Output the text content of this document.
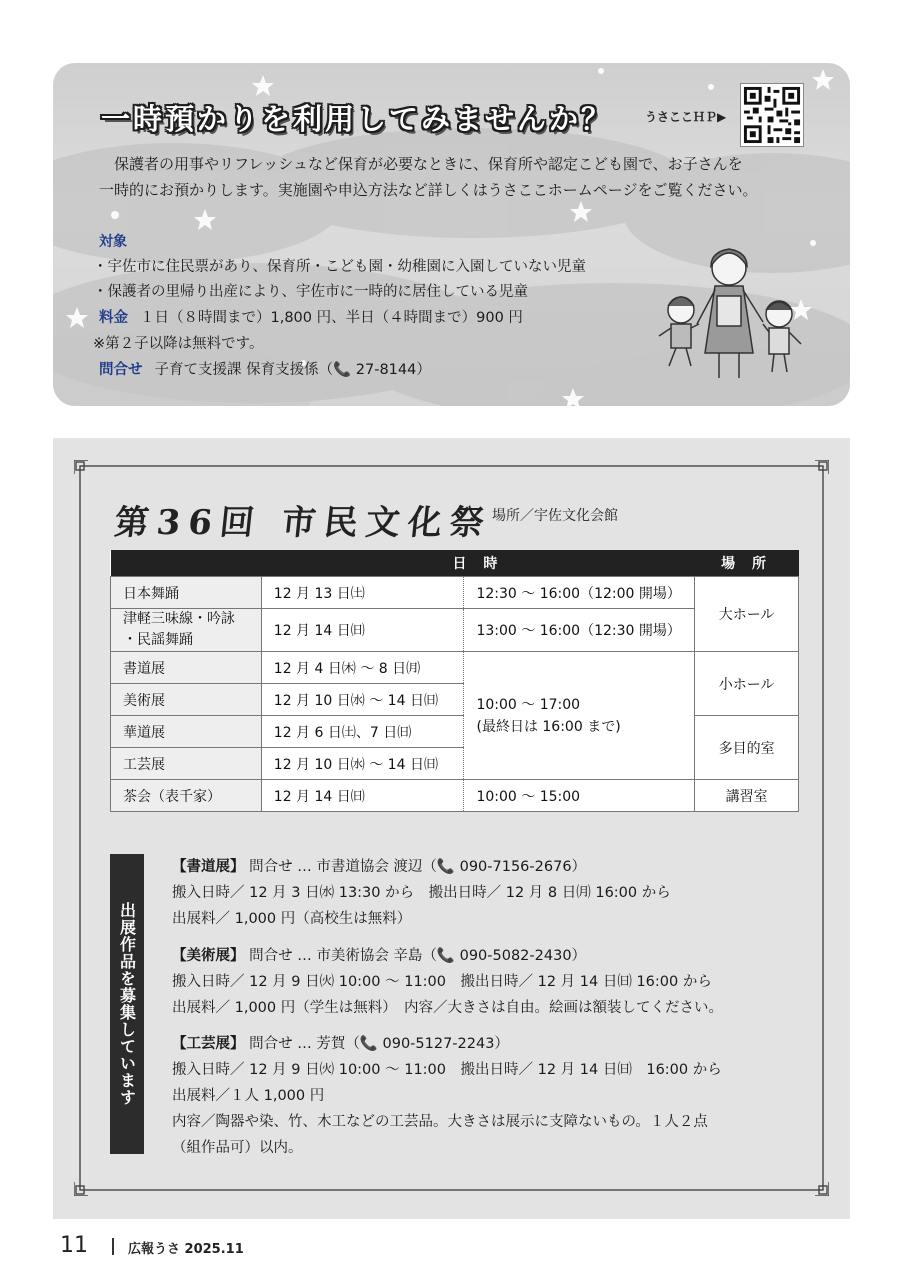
一時預かりを利用してみませんか？	うさここＨＰ▶
保護者の用事やリフレッシュなど保育が必要なときに、保育所や認定こども園で、お子さんを
一時的にお預かりします。実施園や申込方法など詳しくはうさここホームページをご覧ください。
対象
・宇佐市に住民票があり、保育所・こども園・幼稚園に入園していない児童
・保護者の里帰り出産により、宇佐市に一時的に居住している児童
料金 １日（８時間まで）1,800 円、半日（４時間まで）900 円
※第２子以降は無料です。
問合せ 子育て支援課 保育支援係（📞 27-8144）
第36回 市民文化祭
場所／宇佐文化会館
	日 時		場 所
日本舞踊	12 月 13 日㈯	12:30 〜 16:00（12:00 開場）	大ホール

津軽三味線・吟詠
・民謡舞踊	12 月 14 日㈰	13:00 〜 16:00（12:30 開場）	
書道展	12 月 4 日㈭ 〜 8 日㈪	10:00 〜 17:00
(最終日は 16:00 まで)	小ホール
美術展	12 月 10 日㈬ 〜 14 日㈰		
華道展	12 月 6 日㈯、7 日㈰		多目的室
工芸展	12 月 10 日㈬ 〜 14 日㈰		
茶会（表千家）	12 月 14 日㈰	10:00 〜 15:00	講習室
出展作品を募集しています
【書道展】 問合せ … 市書道協会 渡辺（📞 090-7156-2676）
搬入日時／ 12 月 3 日㈬ 13:30 から　搬出日時／ 12 月 8 日㈪ 16:00 から
出展料／ 1,000 円（高校生は無料）
【美術展】 問合せ … 市美術協会 辛島（📞 090-5082-2430）
搬入日時／ 12 月 9 日㈫ 10:00 〜 11:00　搬出日時／ 12 月 14 日㈰ 16:00 から
出展料／ 1,000 円（学生は無料）　内容／大きさは自由。絵画は額装してください。
【工芸展】 問合せ … 芳賀（📞 090-5127-2243）
搬入日時／ 12 月 9 日㈫ 10:00 〜 11:00　搬出日時／ 12 月 14 日㈰　16:00 から
出展料／１人 1,000 円
内容／陶器や染、竹、木工などの工芸品。大きさは展示に支障ないもの。１人２点
（組作品可）以内。
11	広報うさ 2025.11
